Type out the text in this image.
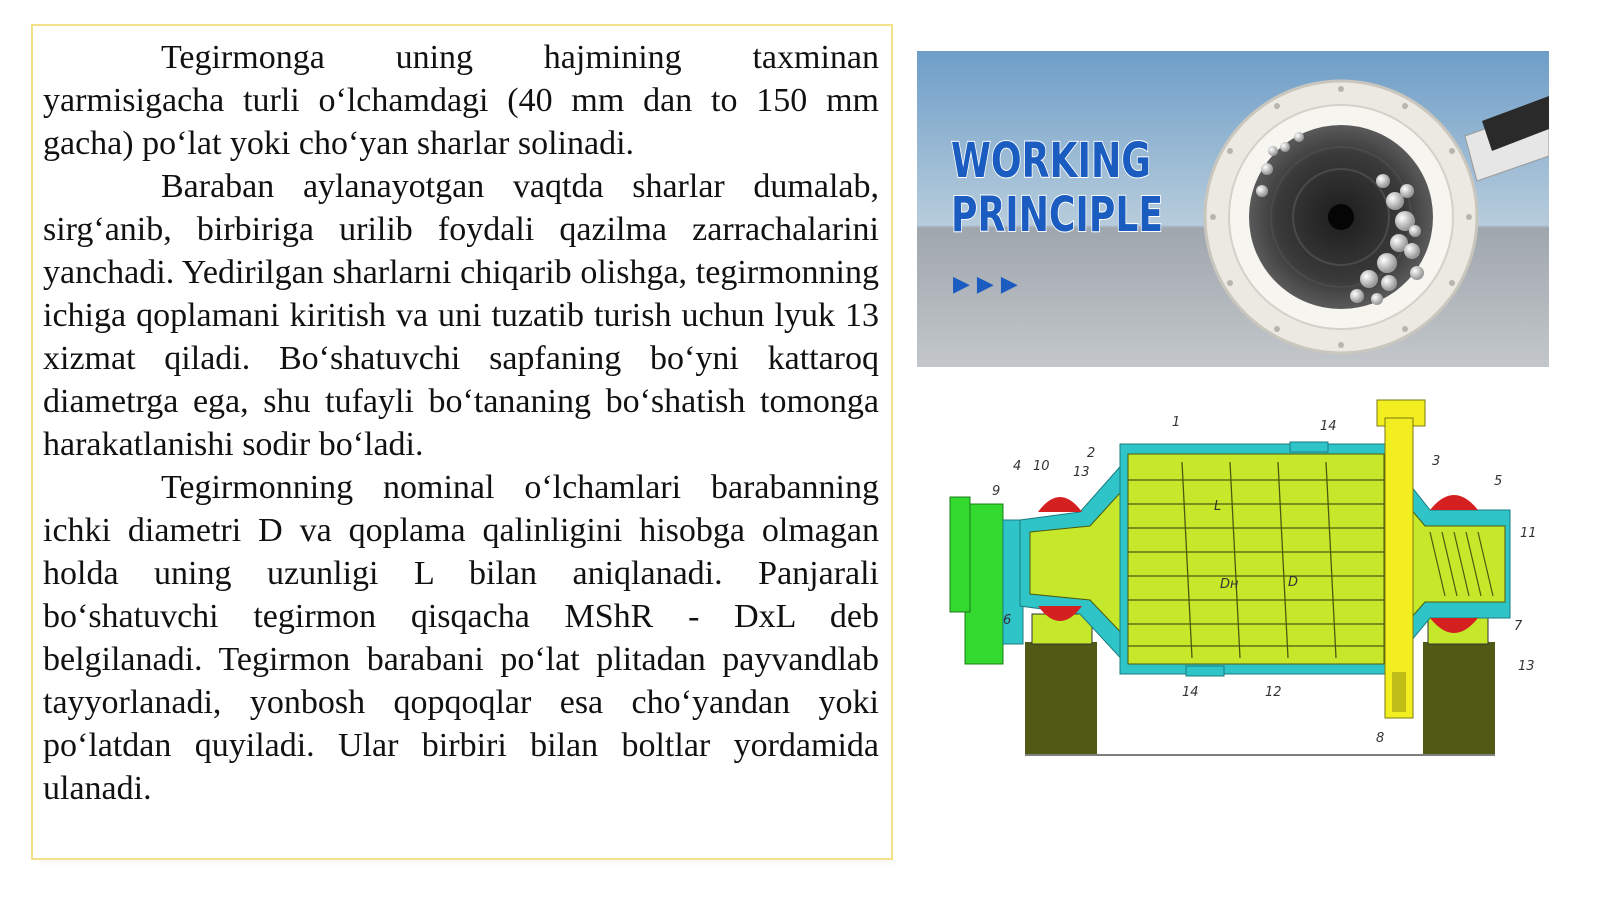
Tegirmonga uning hajmining taxminan yarmisigacha turli o‘lchamdagi (40 mm dan to 150 mm gacha) po‘lat yoki cho‘yan sharlar solinadi.

Baraban aylanayotgan vaqtda sharlar dumalab, sirg‘anib, birbiriga urilib foydali qazilma zarrachalarini yanchadi. Yedirilgan sharlarni chiqarib olishga, tegirmonning ichiga qoplamani kiritish va uni tuzatib turish uchun lyuk 13 xizmat qiladi. Bo‘shatuvchi sapfaning bo‘yni kattaroq diametrga ega, shu tufayli bo‘tananing bo‘shatish tomonga harakatlanishi sodir bo‘ladi.

Tegirmonning nominal o‘lchamlari barabanning ichki diametri D va qoplama qalinligini hisobga olmagan holda uning uzunligi L bilan aniqlanadi. Panjarali bo‘shatuvchi tegirmon qisqacha MShR - DxL deb belgilanadi. Tegirmon barabani po‘lat plitadan payvandlab tayyorlanadi, yonbosh qopqoqlar esa cho‘yandan yoki po‘latdan quyiladi. Ular birbiri bilan boltlar yordamida ulanadi.

WORKING
PRINCIPLE
▶ ▶ ▶
1
2
3
4
5
6	7
8
9
10
11
12
13
13
14
14
L
D
Dн
